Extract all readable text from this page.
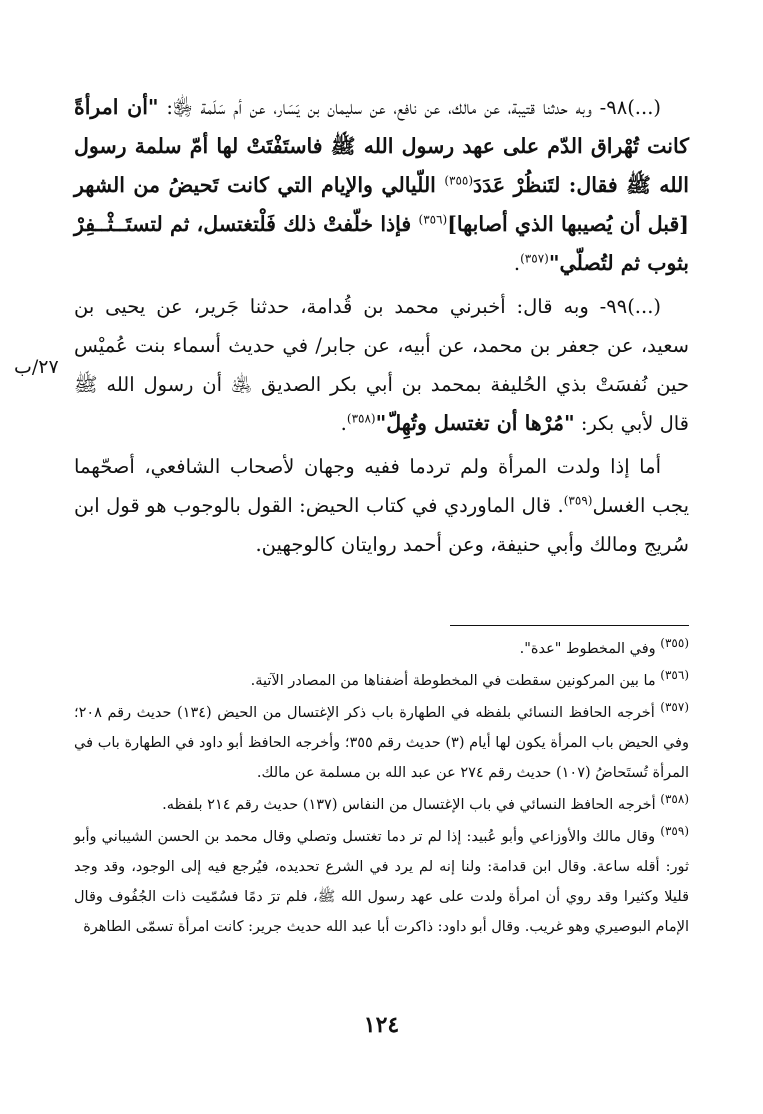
(...)٩٨- وبه حدثنا قتيبة، عن مالك، عن نافع، عن سليمان بن يَسَار، عن أم سَلَمة ﵂: "أن امرأةً كانت تُهْراق الدّم على عهد رسول الله ﷺ فاستَفْتَتْ لها أمّ سلمة رسول الله ﷺ فقال: لتَنظُرْ عَدَدَ$^{(٣٥٥)}$ اللّيالي والإيام التي كانت تَحيضُ من الشهر [قبل أن يُصيبها الذي أصابها]$^{(٣٥٦)}$ فإذا خلّفتْ ذلك فَلْتغتسل، ثم لتستَــثْــفِرْ بثوب ثم لتُصلّي"$^{(٣٥٧)}$.

(...)٩٩- وبه قال: أخبرني محمد بن قُدامة، حدثنا جَرير، عن يحيى بن سعيد، عن جعفر بن محمد، عن أبيه، عن جابر/ في حديث أسماء بنت عُميْس حين نُفسَتْ بذي الحُليفة بمحمد بن أبي بكر الصديق ﵁ أن رسول الله ﷺ قال لأبي بكر: "مُرْها أن تغتسل وتُهِلّ"$^{(٣٥٨)}$.

أما إذا ولدت المرأة ولم تردما ففيه وجهان لأصحاب الشافعي، أصحّهما يجب الغسل$^{(٣٥٩)}$. قال الماوردي في كتاب الحيض: القول بالوجوب هو قول ابن سُريج ومالك وأبي حنيفة، وعن أحمد روايتان كالوجهين.

٢٧/ب

$^{(٣٥٥)}$ وفي المخطوط "عدة".

$^{(٣٥٦)}$ ما بين المركونين سقطت في المخطوطة أضفناها من المصادر الآتية.

$^{(٣٥٧)}$ أخرجه الحافظ النسائي بلفظه في الطهارة باب ذكر الإغتسال من الحيض (١٣٤) حديث رقم ٢٠٨؛ وفي الحيض باب المرأة يكون لها أيام (٣) حديث رقم ٣٥٥؛ وأخرجه الحافظ أبو داود في الطهارة باب في المرأة تُستَحاضُ (١٠٧) حديث رقم ٢٧٤ عن عبد الله بن مسلمة عن مالك.

$^{(٣٥٨)}$ أخرجه الحافظ النسائي في باب الإغتسال من النفاس (١٣٧) حديث رقم ٢١٤ بلفظه.

$^{(٣٥٩)}$ وقال مالك والأوزاعي وأبو عُبيد: إذا لم تر دما تغتسل وتصلي وقال محمد بن الحسن الشيباني وأبو ثور: أقله ساعة. وقال ابن قدامة: ولنا إنه لم يرد في الشرع تحديده، فيُرجع فيه إلى الوجود، وقد وجد قليلا وكثيرا وقد روي أن امرأة ولدت على عهد رسول الله ﷺ، فلم ترَ دمًا فسُمّيت ذات الجُفُوف وقال الإمام البوصيري وهو غريب. وقال أبو داود: ذاكرت أبا عبد الله حديث جرير: كانت امرأة تسمّى الطاهرة

١٢٤
